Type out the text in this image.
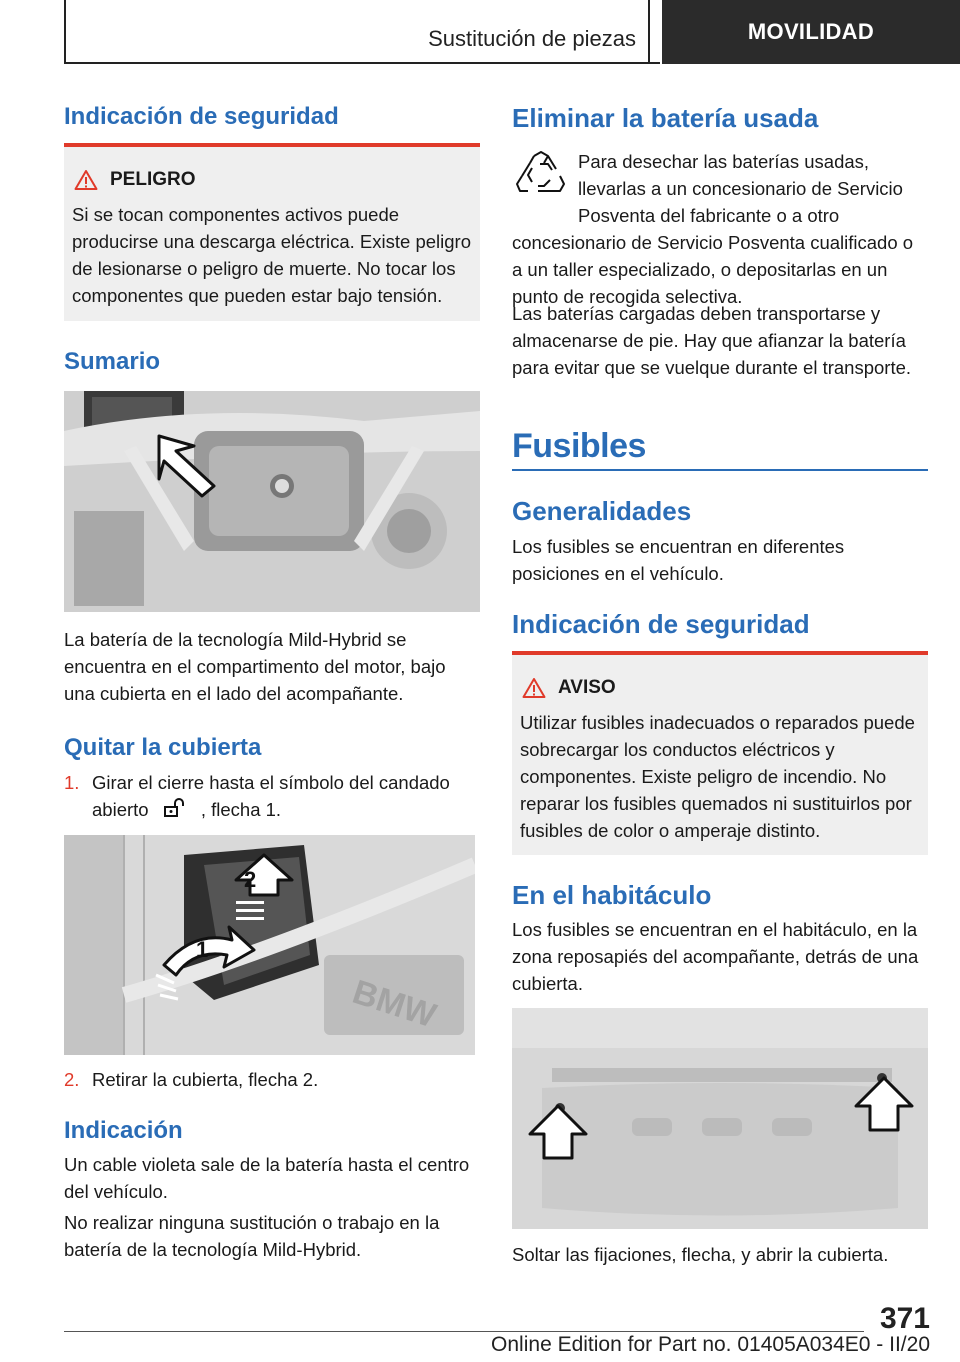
Sustitución de piezas	MOVILIDAD
Indicación de seguridad
PELIGRO
Si se tocan componentes activos puede producirse una descarga eléctrica. Existe peligro de lesionarse o peligro de muerte. No tocar los componentes que pueden estar bajo tensión.
Sumario
La batería de la tecnología Mild-Hybrid se encuentra en el compartimento del motor, bajo una cubierta en el lado del acompañante.
Quitar la cubierta
1. Girar el cierre hasta el símbolo del candado abierto	, flecha 1.
BMW
2
1
2. Retirar la cubierta, flecha 2.
Indicación
Un cable violeta sale de la batería hasta el centro del vehículo.
No realizar ninguna sustitución o trabajo en la batería de la tecnología Mild-Hybrid.
Eliminar la batería usada
Para desechar las baterías usadas, llevarlas a un concesionario de Servicio Posventa del fabricante o a otro concesionario de Servicio Posventa cualificado o a un taller especializado, o depositarlas en un punto de recogida selectiva.
Las baterías cargadas deben transportarse y almacenarse de pie. Hay que afianzar la batería para evitar que se vuelque durante el transporte.
Fusibles
Generalidades
Los fusibles se encuentran en diferentes posiciones en el vehículo.
Indicación de seguridad
AVISO
Utilizar fusibles inadecuados o reparados puede sobrecargar los conductos eléctricos y componentes. Existe peligro de incendio. No reparar los fusibles quemados ni sustituirlos por fusibles de color o amperaje distinto.
En el habitáculo
Los fusibles se encuentran en el habitáculo, en la zona reposapiés del acompañante, detrás de una cubierta.
Soltar las fijaciones, flecha, y abrir la cubierta.
371
Online Edition for Part no. 01405A034E0 - II/20
